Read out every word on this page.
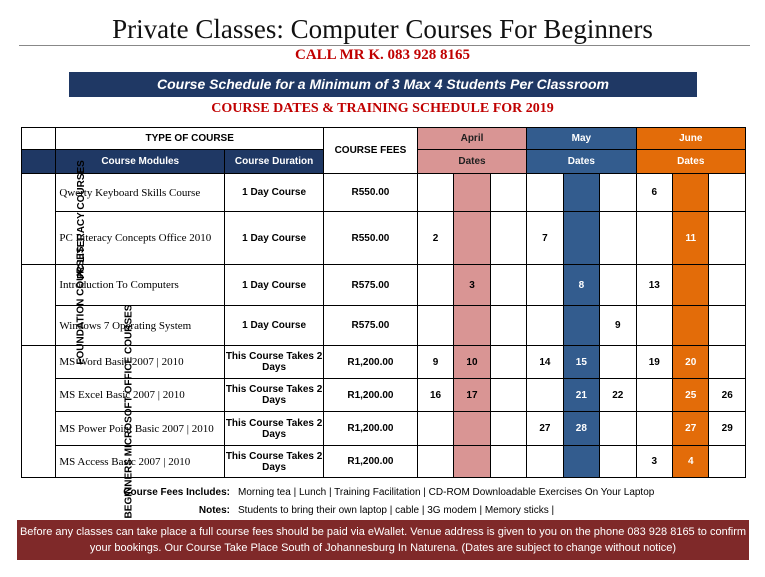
Private Classes: Computer Courses For Beginners
CALL MR K. 083 928 8165
Course Schedule for a Minimum of 3 Max 4 Students Per Classroom
COURSE DATES & TRAINING SCHEDULE FOR 2019
	TYPE OF COURSE		COURSE FEES	April			May			June		
	Course Modules	Course Duration		Dates			Dates			Dates		
PC LITERACY COURSES	Qwerty Keyboard Skills Course	1 Day Course	R550.00							6		
	PC Literacy Concepts Office 2010	1 Day Course	R550.00	2			7				11	
FOUNDATION COURSES	Introduction To Computers	1 Day Course	R575.00		3			8		13		
	Windows 7 Operating System	1 Day Course	R575.00						9			
BEGINNERS MICROSOFT OFFICE COURSES	MS Word Basic 2007 | 2010	This Course Takes 2 Days	R1,200.00	9	10		14	15		19	20	
	MS Excel Basic 2007 | 2010	This Course Takes 2 Days	R1,200.00	16	17			21	22		25	26
	MS Power Point Basic 2007 | 2010	This Course Takes 2 Days	R1,200.00				27	28			27	29
	MS Access Basic 2007 | 2010	This Course Takes 2 Days	R1,200.00							3	4	
Course Fees Includes: Morning tea | Lunch | Training Facilitation | CD-ROM Downloadable Exercises On Your Laptop
Notes: Students to bring their own laptop | cable | 3G modem | Memory sticks |
Before any classes can take place a full course fees should be paid via eWallet. Venue address is given to you on the phone 083 928 8165 to confirm your bookings. Our Course Take Place South of Johannesburg In Naturena. (Dates are subject to change without notice)
